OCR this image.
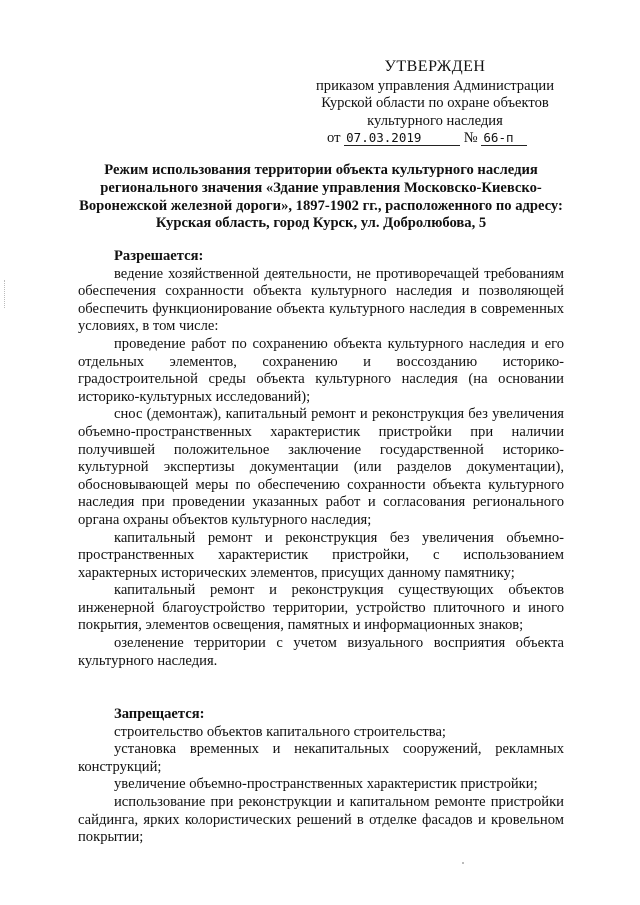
УТВЕРЖДЕН
приказом управления Администрации
Курской области по охране объектов
культурного наследия
от 07.03.2019	№ 66-п
Режим использования территории объекта культурного наследия регионального значения «Здание управления Московско-Киевско-Воронежской железной дороги», 1897-1902 гг., расположенного по адресу: Курская область, город Курск, ул. Добролюбова, 5
Разрешается:

ведение хозяйственной деятельности, не противоречащей требованиям обеспечения сохранности объекта культурного наследия и позволяющей обеспечить функционирование объекта культурного наследия в современных условиях, в том числе:

проведение работ по сохранению объекта культурного наследия и его отдельных элементов, сохранению и воссозданию историко-градостроительной среды объекта культурного наследия (на основании историко-культурных исследований);

снос (демонтаж), капитальный ремонт и реконструкция без увеличения объемно-пространственных характеристик пристройки при наличии получившей положительное заключение государственной историко-культурной экспертизы документации (или разделов документации), обосновывающей меры по обеспечению сохранности объекта культурного наследия при проведении указанных работ и согласования регионального органа охраны объектов культурного наследия;

капитальный ремонт и реконструкция без увеличения объемно-пространственных характеристик пристройки, с использованием характерных исторических элементов, присущих данному памятнику;

капитальный ремонт и реконструкция существующих объектов инженерной благоустройство территории, устройство плиточного и иного покрытия, элементов освещения, памятных и информационных знаков;

озеленение территории с учетом визуального восприятия объекта культурного наследия.

Запрещается:

строительство объектов капитального строительства;

установка временных и некапитальных сооружений, рекламных конструкций;

увеличение объемно-пространственных характеристик пристройки;

использование при реконструкции и капитальном ремонте пристройки сайдинга, ярких колористических решений в отделке фасадов и кровельном покрытии;
